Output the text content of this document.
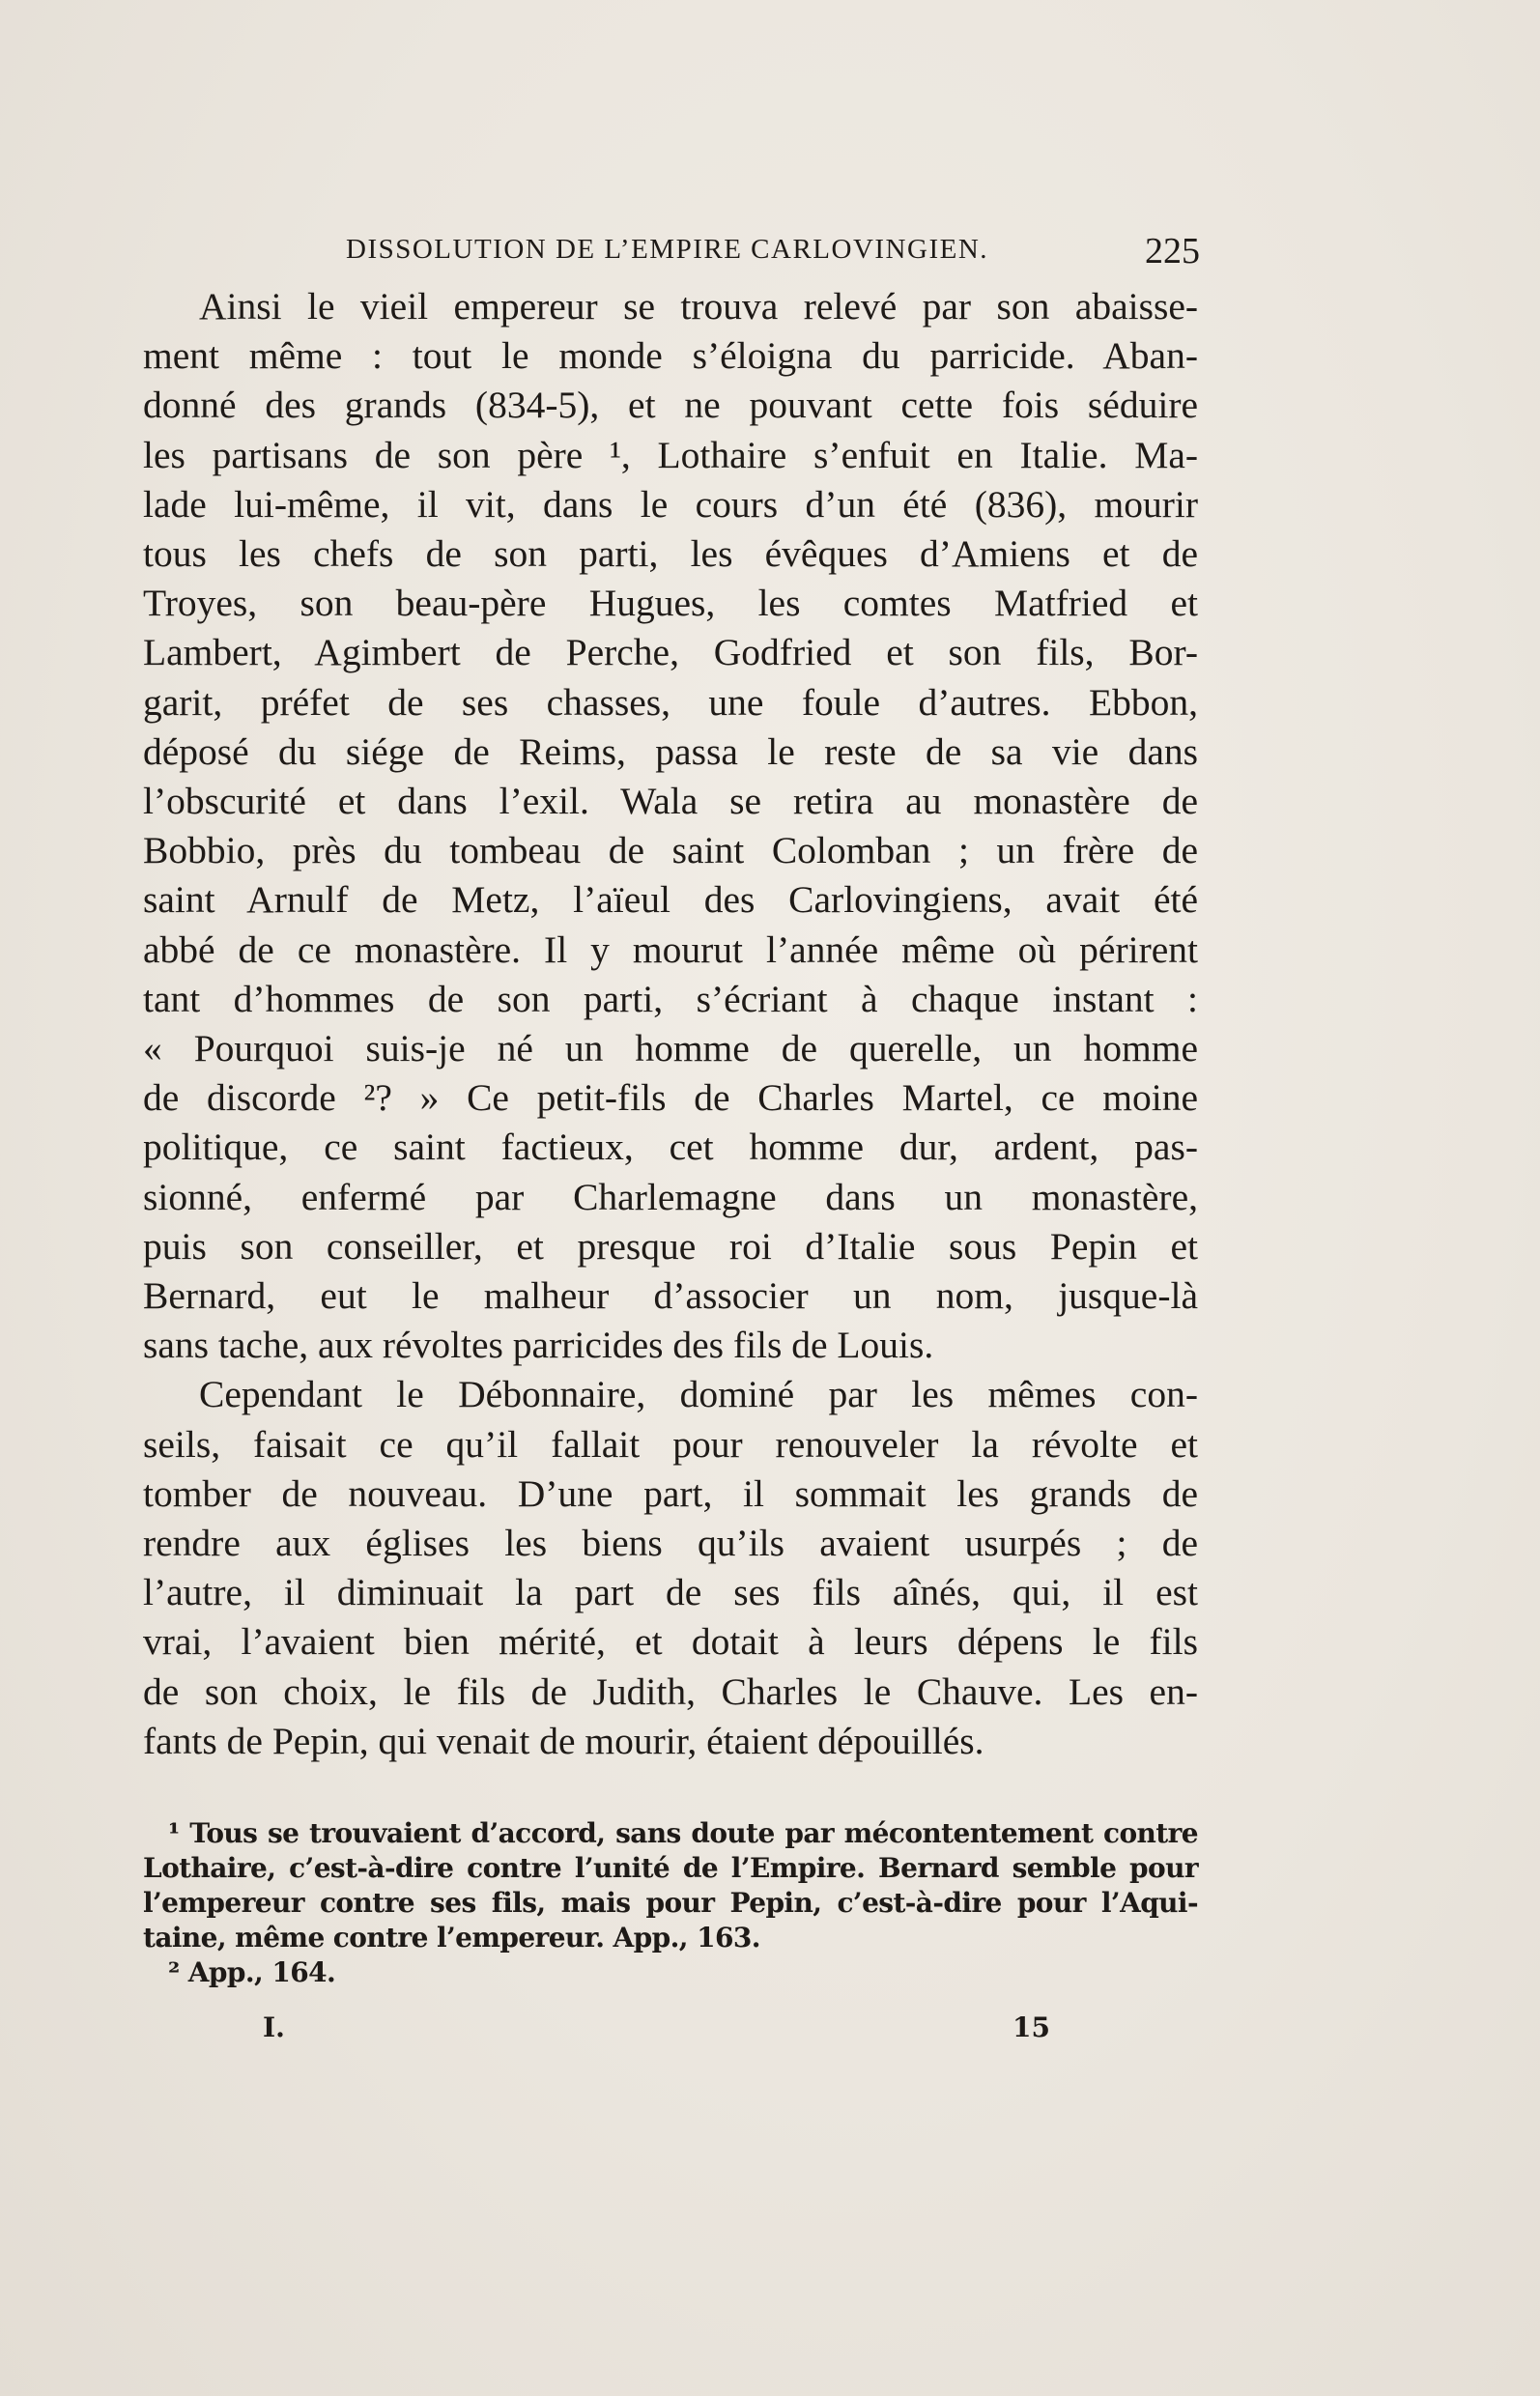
DISSOLUTION DE L’EMPIRE CARLOVINGIEN.	225

Ainsi le vieil empereur se trouva relevé par son abaisse-
ment même : tout le monde s’éloigna du parricide. Aban-
donné des grands (834-5), et ne pouvant cette fois séduire
les partisans de son père ¹, Lothaire s’enfuit en Italie. Ma-
lade lui-même, il vit, dans le cours d’un été (836), mourir
tous les chefs de son parti, les évêques d’Amiens et de
Troyes, son beau-père Hugues, les comtes Matfried et
Lambert, Agimbert de Perche, Godfried et son fils, Bor-
garit, préfet de ses chasses, une foule d’autres. Ebbon,
déposé du siége de Reims, passa le reste de sa vie dans
l’obscurité et dans l’exil. Wala se retira au monastère de
Bobbio, près du tombeau de saint Colomban ; un frère de
saint Arnulf de Metz, l’aïeul des Carlovingiens, avait été
abbé de ce monastère. Il y mourut l’année même où périrent
tant d’hommes de son parti, s’écriant à chaque instant :
« Pourquoi suis-je né un homme de querelle, un homme
de discorde ²? » Ce petit-fils de Charles Martel, ce moine
politique, ce saint factieux, cet homme dur, ardent, pas-
sionné, enfermé par Charlemagne dans un monastère,
puis son conseiller, et presque roi d’Italie sous Pepin et
Bernard, eut le malheur d’associer un nom, jusque-là
sans tache, aux révoltes parricides des fils de Louis.

Cependant le Débonnaire, dominé par les mêmes con-
seils, faisait ce qu’il fallait pour renouveler la révolte et
tomber de nouveau. D’une part, il sommait les grands de
rendre aux églises les biens qu’ils avaient usurpés ; de
l’autre, il diminuait la part de ses fils aînés, qui, il est
vrai, l’avaient bien mérité, et dotait à leurs dépens le fils
de son choix, le fils de Judith, Charles le Chauve. Les en-
fants de Pepin, qui venait de mourir, étaient dépouillés.

¹ Tous se trouvaient d’accord, sans doute par mécontentement contre
Lothaire, c’est-à-dire contre l’unité de l’Empire. Bernard semble pour
l’empereur contre ses fils, mais pour Pepin, c’est-à-dire pour l’Aqui-
taine, même contre l’empereur. App., 163.
² App., 164.
I.	15
